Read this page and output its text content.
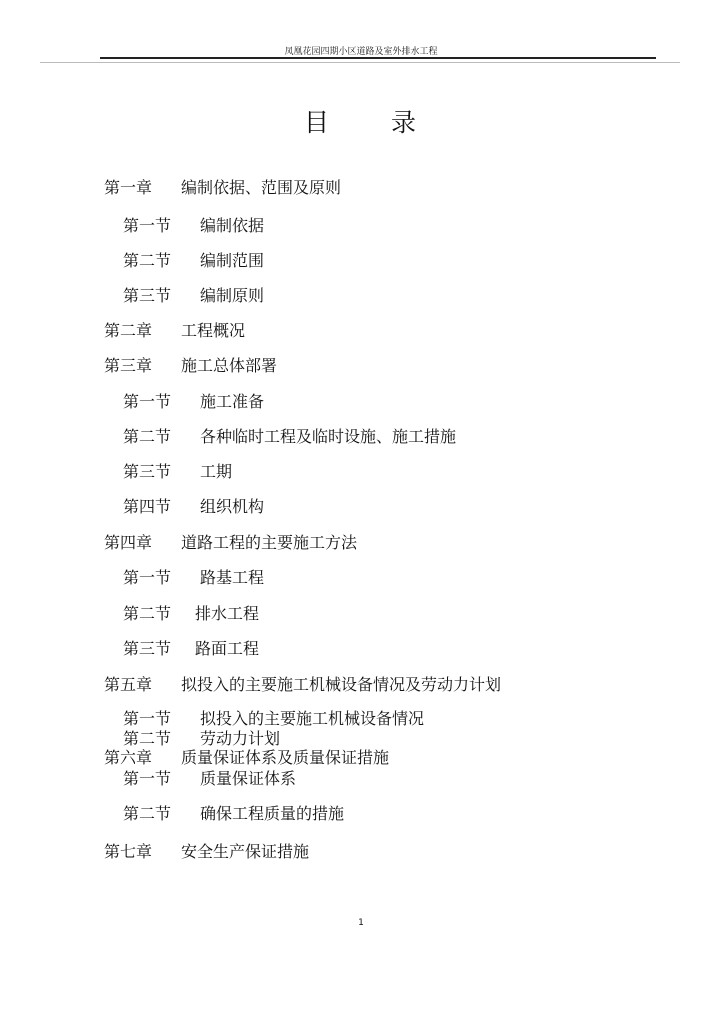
凤凰花园四期小区道路及室外排水工程
目 录
第一章 编制依据、范围及原则
第一节 编制依据
第二节 编制范围
第三节 编制原则
第二章 工程概况
第三章 施工总体部署
第一节 施工准备
第二节 各种临时工程及临时设施、施工措施
第三节 工期
第四节 组织机构
第四章 道路工程的主要施工方法
第一节 路基工程
第二节 排水工程
第三节 路面工程
第五章 拟投入的主要施工机械设备情况及劳动力计划
第一节 拟投入的主要施工机械设备情况
第二节 劳动力计划
第六章 质量保证体系及质量保证措施
第一节 质量保证体系
第二节 确保工程质量的措施
第七章 安全生产保证措施
1
